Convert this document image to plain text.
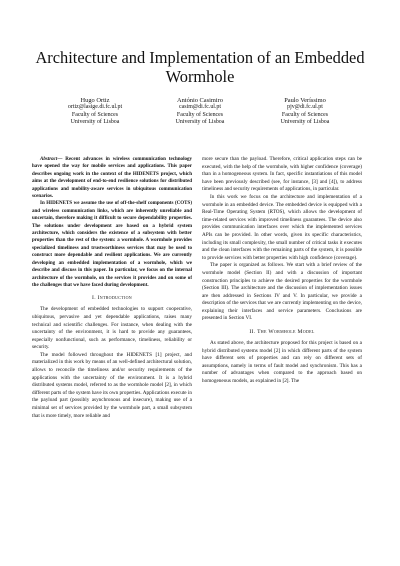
Architecture and Implementation of an Embedded Wormhole
Hugo Ortiz
ortiz@lasige.di.fc.ul.pt
Faculty of Sciences
University of Lisboa
António Casimiro
casim@di.fc.ul.pt
Faculty of Sciences
University of Lisboa
Paulo Veríssimo
pjv@di.fc.ul.pt
Faculty of Sciences
University of Lisboa

Abstract— Recent advances in wireless communication technology have opened the way for mobile services and applications. This paper describes ongoing work in the context of the HIDENETS project, which aims at the development of end-to-end resilience solutions for distributed applications and mobility-aware services in ubiquitous communication scenarios.

In HIDENETS we assume the use of off-the-shelf components (COTS) and wireless communication links, which are inherently unreliable and uncertain, therefore making it difficult to secure dependability properties. The solutions under development are based on a hybrid system architecture, which considers the existence of a subsystem with better properties than the rest of the system: a wormhole. A wormhole provides specialized timeliness and trustworthiness services that may be used to construct more dependable and resilient applications. We are currently developing an embedded implementation of a wormhole, which we describe and discuss in this paper. In particular, we focus on the internal architecture of the wormhole, on the services it provides and on some of the challenges that we have faced during development.

I. Introduction

The development of embedded technologies to support cooperative, ubiquitous, pervasive and yet dependable applications, raises many technical and scientific challenges. For instance, when dealing with the uncertainty of the environment, it is hard to provide any guarantees, especially nonfunctional, such as performance, timeliness, reliability or security.

The model followed throughout the HIDENETS [1] project, and materialized in this work by means of an well-defined architectural solution, allows to reconcile the timeliness and/or security requirements of the applications with the uncertainty of the environment. It is a hybrid distributed systems model, referred to as the wormhole model [2], in which different parts of the system have its own properties. Applications execute in the payload part (possibly asynchronous and insecure), making use of a minimal set of services provided by the wormhole part, a small subsystem that is more timely, more reliable and

more secure than the payload. Therefore, critical application steps can be executed, with the help of the wormhole, with higher confidence (coverage) than in a homogeneous system. In fact, specific instantiations of this model have been previously described (see, for instance, [3] and [4]), to address timeliness and security requirements of applications, in particular.

In this work we focus on the architecture and implementation of a wormhole in an embedded device. The embedded device is equipped with a Real-Time Operating System (RTOS), which allows the development of time-related services with improved timeliness guarantees. The device also provides communication interfaces over which the implemented services APIs can be provided. In other words, given its specific characteristics, including its small complexity, the small number of critical tasks it executes and the clean interfaces with the remaining parts of the system, it is possible to provide services with better properties with high confidence (coverage).

The paper is organized as follows. We start with a brief review of the wormhole model (Section II) and with a discussion of important construction principles to achieve the desired properties for the wormhole (Section III). The architecture and the discussion of implementation issues are then addressed in Sections IV and V. In particular, we provide a description of the services that we are currently implementing on the device, explaining their interfaces and service parameters. Conclusions are presented in Section VI.

II. The Wormhole Model

As stated above, the architecture proposed for this project is based on a hybrid distributed systems model [2] in which different parts of the system have different sets of properties and can rely on different sets of assumptions, namely in terms of fault model and synchronism. This has a number of advantages when compared to the approach based on homogeneous models, as explained in [2]. The
